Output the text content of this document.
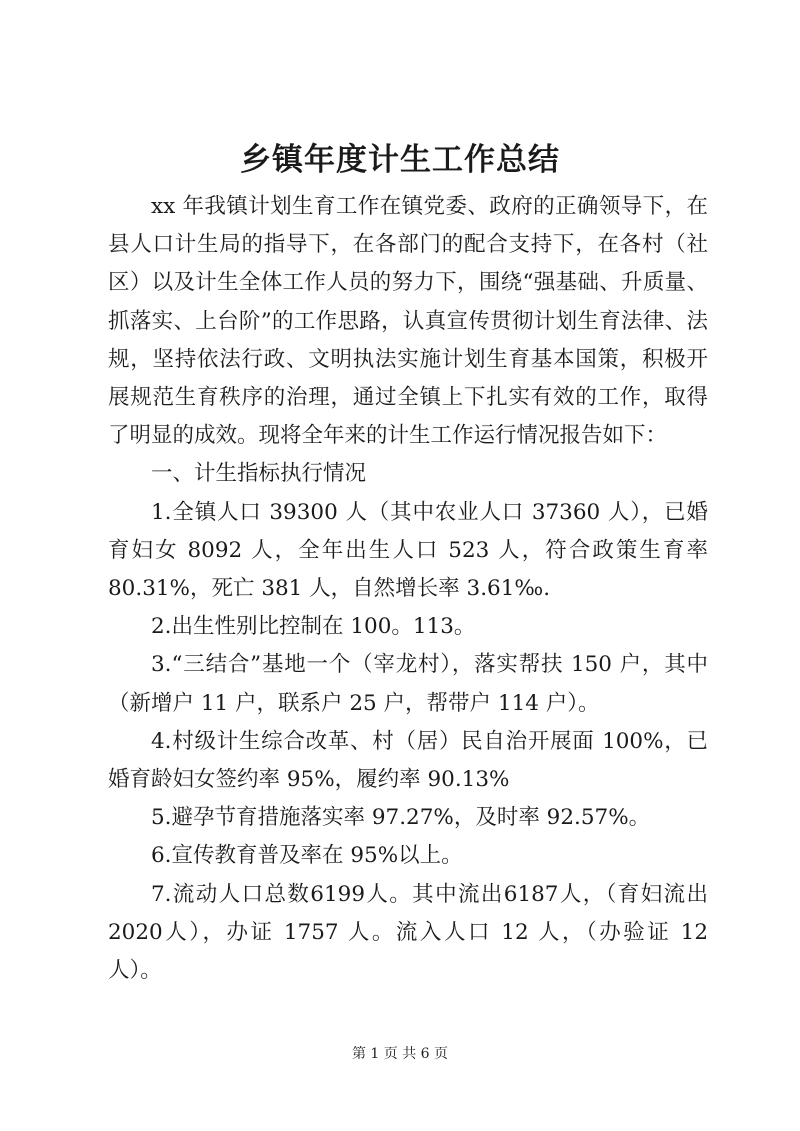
乡镇年度计生工作总结

xx 年我镇计划生育工作在镇党委、政府的正确领导下，在县人口计生局的指导下，在各部门的配合支持下，在各村（社区）以及计生全体工作人员的努力下，围绕“强基础、升质量、抓落实、上台阶”的工作思路，认真宣传贯彻计划生育法律、法规，坚持依法行政、文明执法实施计划生育基本国策，积极开展规范生育秩序的治理，通过全镇上下扎实有效的工作，取得了明显的成效。现将全年来的计生工作运行情况报告如下：

一、计生指标执行情况

1.全镇人口 39300 人（其中农业人口 37360 人），已婚育妇女 8092 人，全年出生人口 523 人，符合政策生育率 80.31%，死亡 381 人，自然增长率 3.61‰.

2.出生性别比控制在 100。113。

3.“三结合”基地一个（宰龙村），落实帮扶 150 户，其中（新增户 11 户，联系户 25 户，帮带户 114 户）。

4.村级计生综合改革、村（居）民自治开展面 100%，已婚育龄妇女签约率 95%，履约率 90.13%

5.避孕节育措施落实率 97.27%，及时率 92.57%。

6.宣传教育普及率在 95%以上。

7.流动人口总数6199人。其中流出6187人，（育妇流出2020人），办证 1757 人。流入人口 12 人，（办验证 12 人）。

第 1 页 共 6 页
